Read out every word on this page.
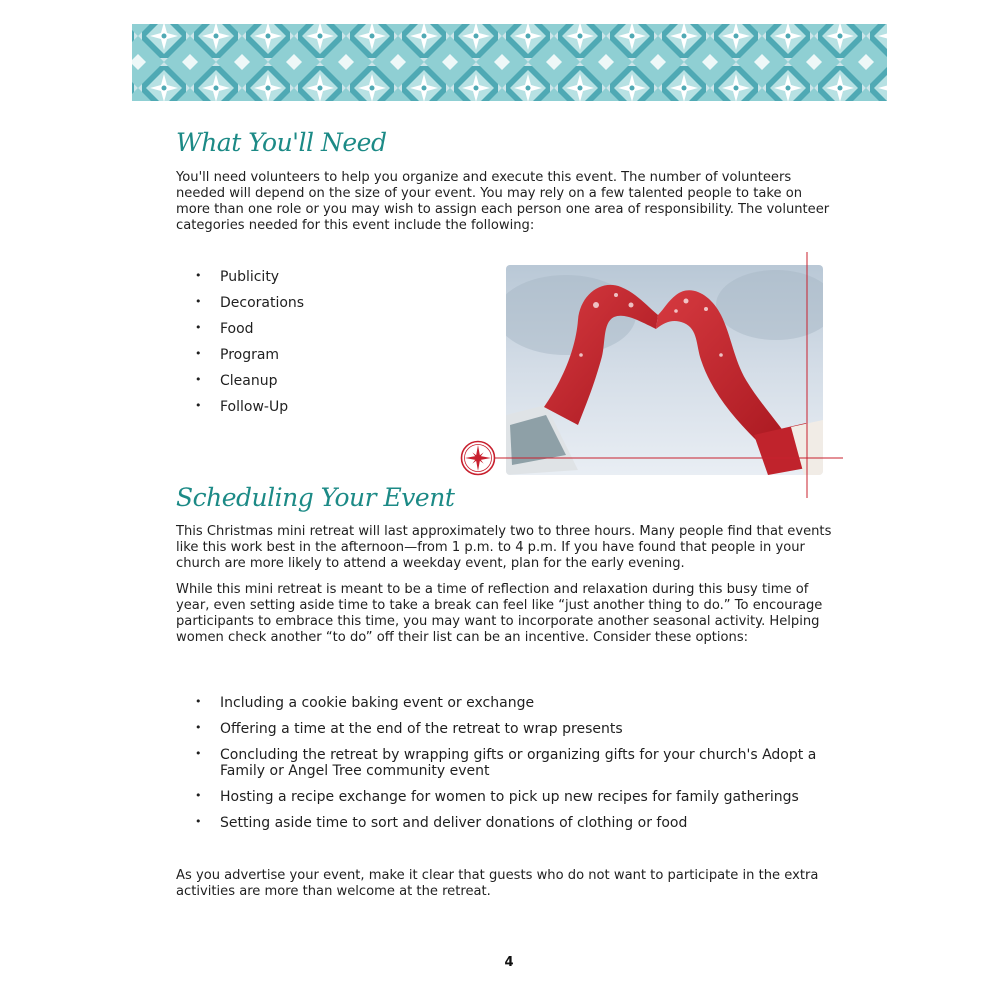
What You'll Need

You'll need volunteers to help you organize and execute this event. The number of volunteers needed will depend on the size of your event. You may rely on a few talented people to take on more than one role or you may wish to assign each person one area of responsibility. The volunteer categories needed for this event include the following:

• Publicity
• Decorations
• Food
• Program
• Cleanup
• Follow-Up
Scheduling Your Event

This Christmas mini retreat will last approximately two to three hours. Many people find that events like this work best in the afternoon—from 1 p.m. to 4 p.m. If you have found that people in your church are more likely to attend a weekday event, plan for the early evening.

While this mini retreat is meant to be a time of reflection and relaxation during this busy time of year, even setting aside time to take a break can feel like “just another thing to do.” To encourage participants to embrace this time, you may want to incorporate another seasonal activity. Helping women check another “to do” off their list can be an incentive. Consider these options:

• Including a cookie baking event or exchange
• Offering a time at the end of the retreat to wrap presents
• Concluding the retreat by wrapping gifts or organizing gifts for your church's Adopt a Family or Angel Tree community event
• Hosting a recipe exchange for women to pick up new recipes for family gatherings
• Setting aside time to sort and deliver donations of clothing or food

As you advertise your event, make it clear that guests who do not want to participate in the extra activities are more than welcome at the retreat.

4
